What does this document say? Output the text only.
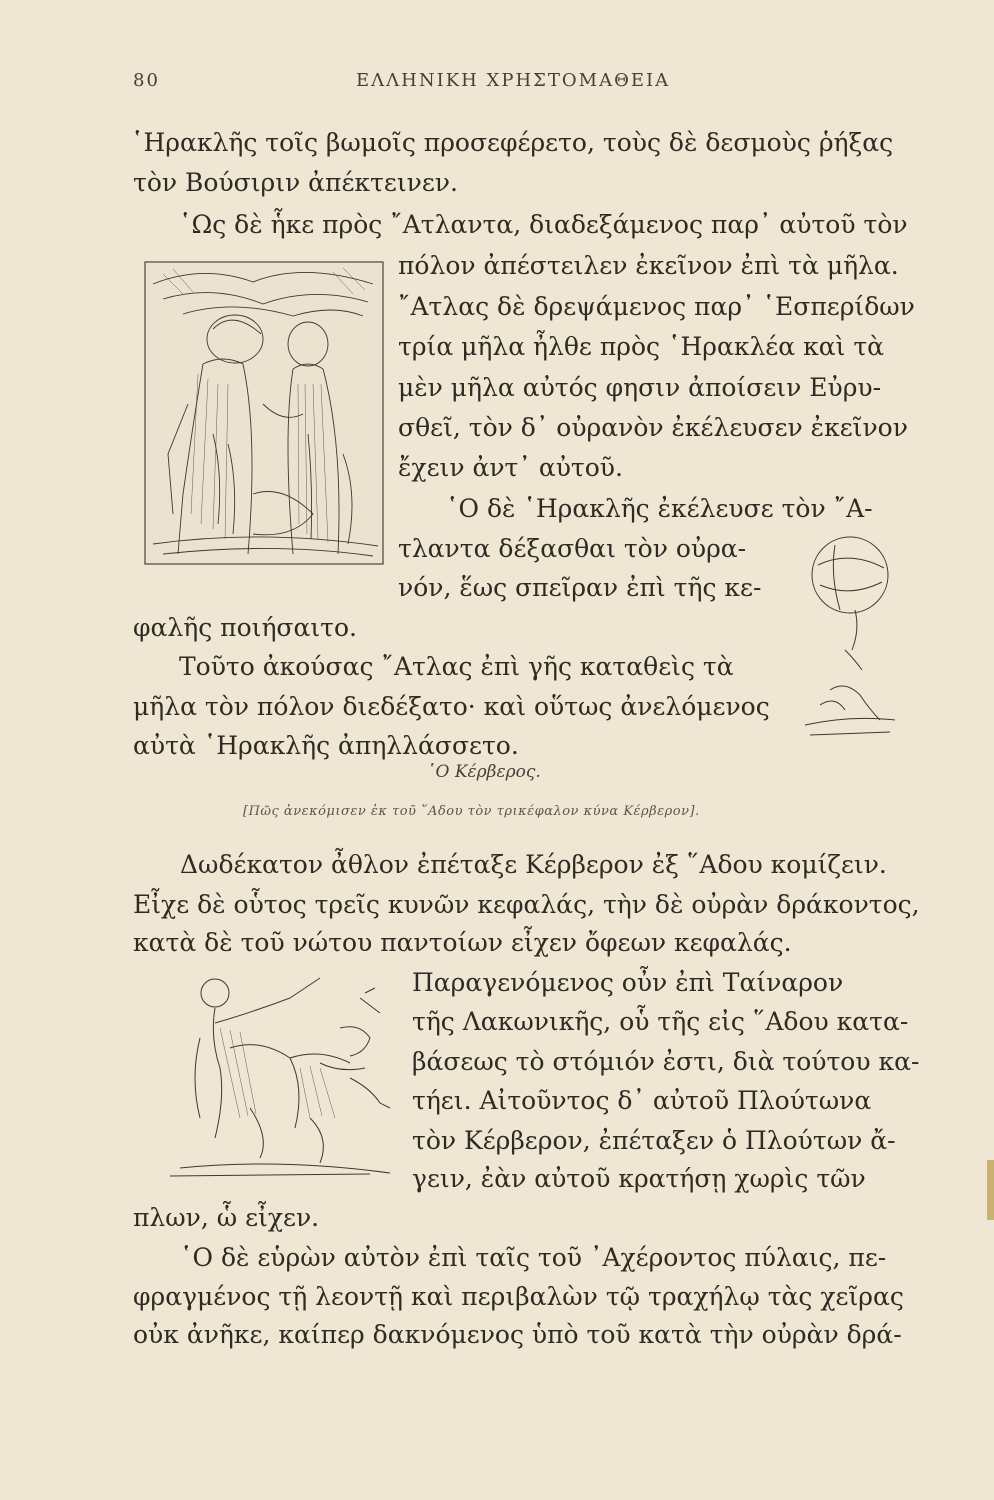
80	ΕΛΛΗΝΙΚΗ ΧΡΗΣΤΟΜΑΘΕΙΑ
῾Ηρακλῆς τοῖς βωμοῖς προσεφέρετο, τοὺς δὲ δεσμοὺς ῥήξας
τὸν Βούσιριν ἀπέκτεινεν.
῾Ως δὲ ἧκε πρὸς ῎Ατλαντα, διαδεξάμενος παρ᾽ αὐτοῦ τὸν
πόλον ἀπέστειλεν ἐκεῖνον ἐπὶ τὰ μῆλα.
῎Ατλας δὲ δρεψάμενος παρ᾽ ῾Εσπερίδων
τρία μῆλα ἦλθε πρὸς ῾Ηρακλέα καὶ τὰ
μὲν μῆλα αὐτός φησιν ἀποίσειν Εὐρυ-
σθεῖ, τὸν δ᾽ οὐρανὸν ἐκέλευσεν ἐκεῖνον
ἔχειν ἀντ᾽ αὐτοῦ.
῾Ο δὲ ῾Ηρακλῆς ἐκέλευσε τὸν ῎Α-
τλαντα δέξασθαι τὸν οὐρα-
νόν, ἕως σπεῖραν ἐπὶ τῆς κε-
φαλῆς ποιήσαιτο.
Τοῦτο ἀκούσας ῎Ατλας ἐπὶ γῆς καταθεὶς τὰ
μῆλα τὸν πόλον διεδέξατο· καὶ οὕτως ἀνελόμενος
αὐτὰ ῾Ηρακλῆς ἀπηλλάσσετο.
῾Ο Κέρβερος.
[Πῶς ἀνεκόμισεν ἐκ τοῦ ῞Αδου τὸν τρικέφαλον κύνα Κέρβερον].
Δωδέκατον ἆθλον ἐπέταξε Κέρβερον ἐξ ῞Αδου κομίζειν.
Εἶχε δὲ οὗτος τρεῖς κυνῶν κεφαλάς, τὴν δὲ οὐρὰν δράκοντος,
κατὰ δὲ τοῦ νώτου παντοίων εἶχεν ὄφεων κεφαλάς.
Παραγενόμενος οὖν ἐπὶ Ταίναρον
τῆς Λακωνικῆς, οὗ τῆς εἰς ῞Αδου κατα-
βάσεως τὸ στόμιόν ἐστι, διὰ τούτου κα-
τήει. Αἰτοῦντος δ᾽ αὐτοῦ Πλούτωνα
τὸν Κέρβερον, ἐπέταξεν ὁ Πλούτων ἄ-
γειν, ἐὰν αὐτοῦ κρατήσῃ χωρὶς τῶν
πλων, ὧ εἶχεν.
῾Ο δὲ εὑρὼν αὐτὸν ἐπὶ ταῖς τοῦ ᾽Αχέροντος πύλαις, πε-
φραγμένος τῇ λεοντῇ καὶ περιβαλὼν τῷ τραχήλῳ τὰς χεῖρας
οὐκ ἀνῆκε, καίπερ δακνόμενος ὑπὸ τοῦ κατὰ τὴν οὐρὰν δρά-
